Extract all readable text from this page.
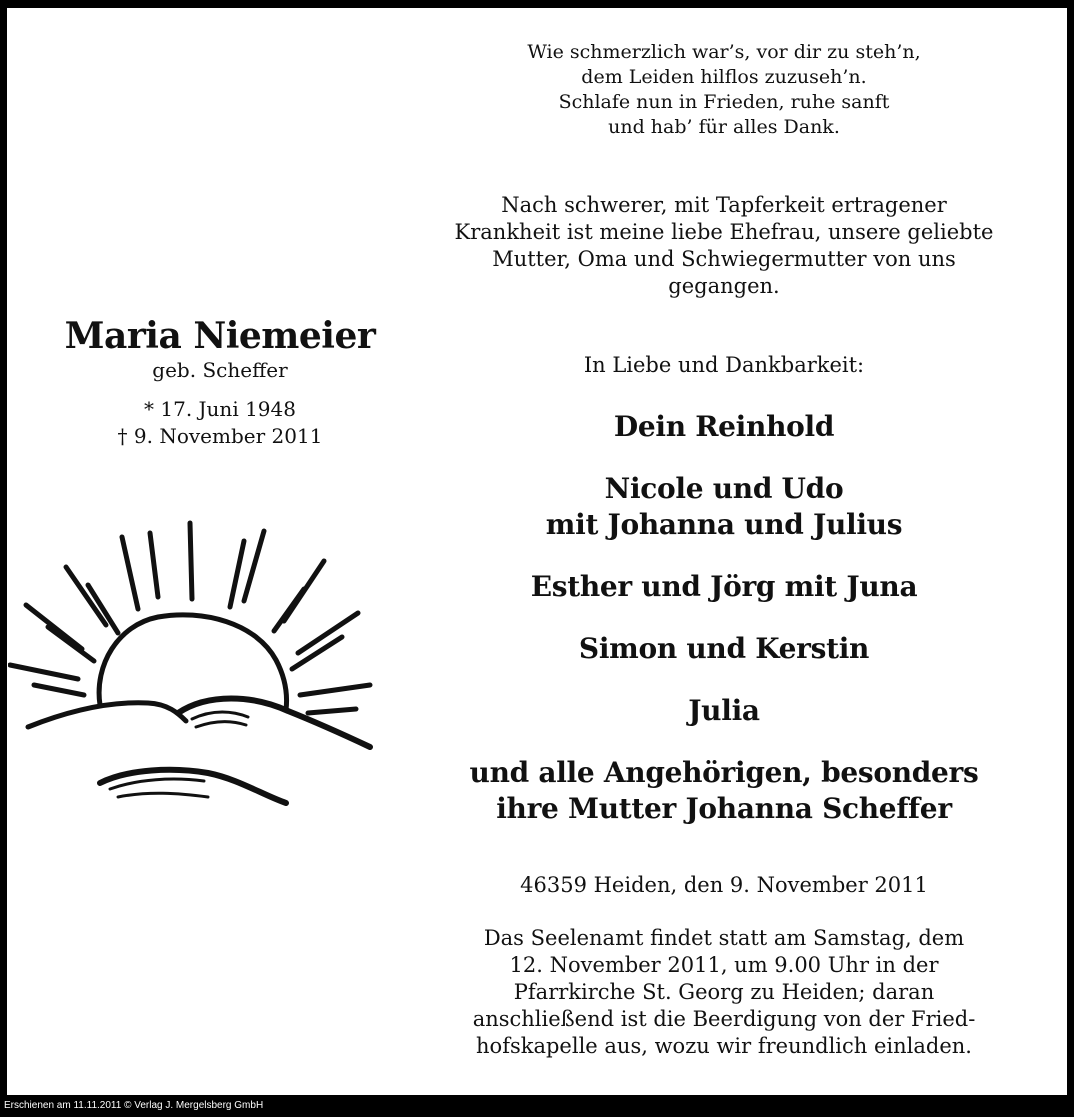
Maria Niemeier
geb. Scheffer
* 17. Juni 1948
† 9. November 2011
Wie schmerzlich war’s, vor dir zu steh’n,
dem Leiden hilflos zuzuseh’n.
Schlafe nun in Frieden, ruhe sanft
und hab’ für alles Dank.
Nach schwerer, mit Tapferkeit ertragener
Krankheit ist meine liebe Ehefrau, unsere geliebte
Mutter, Oma und Schwiegermutter von uns
gegangen.
In Liebe und Dankbarkeit:
Dein Reinhold
Nicole und Udo
mit Johanna und Julius
Esther und Jörg mit Juna
Simon und Kerstin
Julia
und alle Angehörigen, besonders
ihre Mutter Johanna Scheffer
46359 Heiden, den 9. November 2011
Das Seelenamt findet statt am Samstag, dem
12. November 2011, um 9.00 Uhr in der
Pfarrkirche St. Georg zu Heiden; daran
anschließend ist die Beerdigung von der Fried-
hofskapelle aus, wozu wir freundlich einladen.
Erschienen am 11.11.2011 © Verlag J. Mergelsberg GmbH
